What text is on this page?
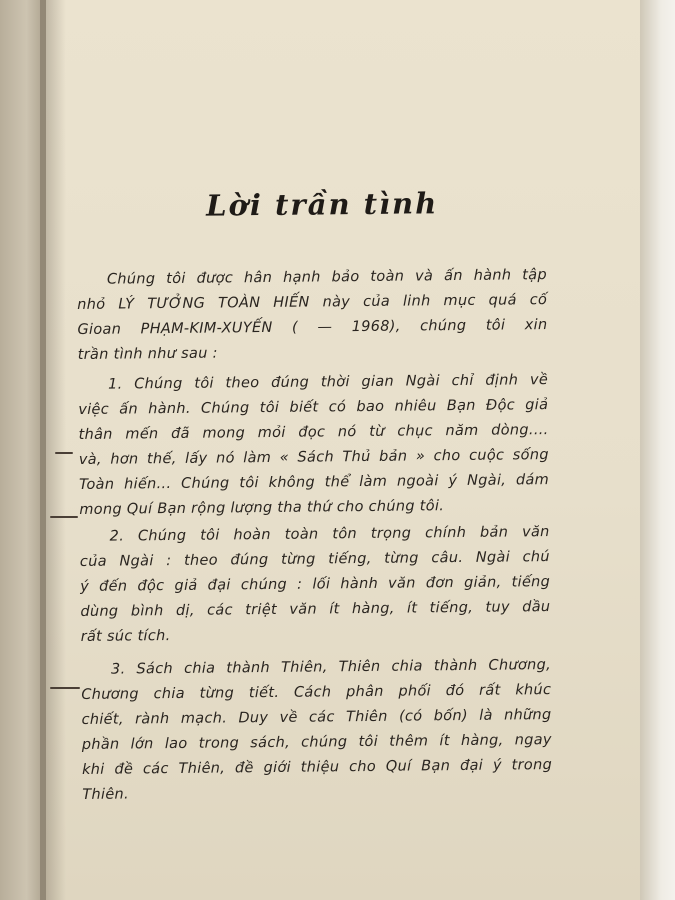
Lời trần tình
Chúng tôi được hân hạnh bảo toàn và ấn hành tập
nhỏ LÝ TƯỞNG TOÀN HIẾN này của linh mục quá cố
Gioan PHẠM-KIM-XUYẾN ( — 1968), chúng tôi xin
trần tình như sau :
1. Chúng tôi theo đúng thời gian Ngài chỉ định về
việc ấn hành. Chúng tôi biết có bao nhiêu Bạn Độc giả
thân mến đã mong mỏi đọc nó từ chục năm dòng....
và, hơn thế, lấy nó làm « Sách Thủ bản » cho cuộc sống
Toàn hiến... Chúng tôi không thể làm ngoài ý Ngài, dám
mong Quí Bạn rộng lượng tha thứ cho chúng tôi.
2. Chúng tôi hoàn toàn tôn trọng chính bản văn
của Ngài : theo đúng từng tiếng, từng câu. Ngài chú
ý đến độc giả đại chúng : lối hành văn đơn giản, tiếng
dùng bình dị, các triệt văn ít hàng, ít tiếng, tuy dầu
rất súc tích.
3. Sách chia thành Thiên, Thiên chia thành Chương,
Chương chia từng tiết. Cách phân phối đó rất khúc
chiết, rành mạch. Duy về các Thiên (có bốn) là những
phần lớn lao trong sách, chúng tôi thêm ít hàng, ngay
khi đề các Thiên, đề giới thiệu cho Quí Bạn đại ý trong
Thiên.
